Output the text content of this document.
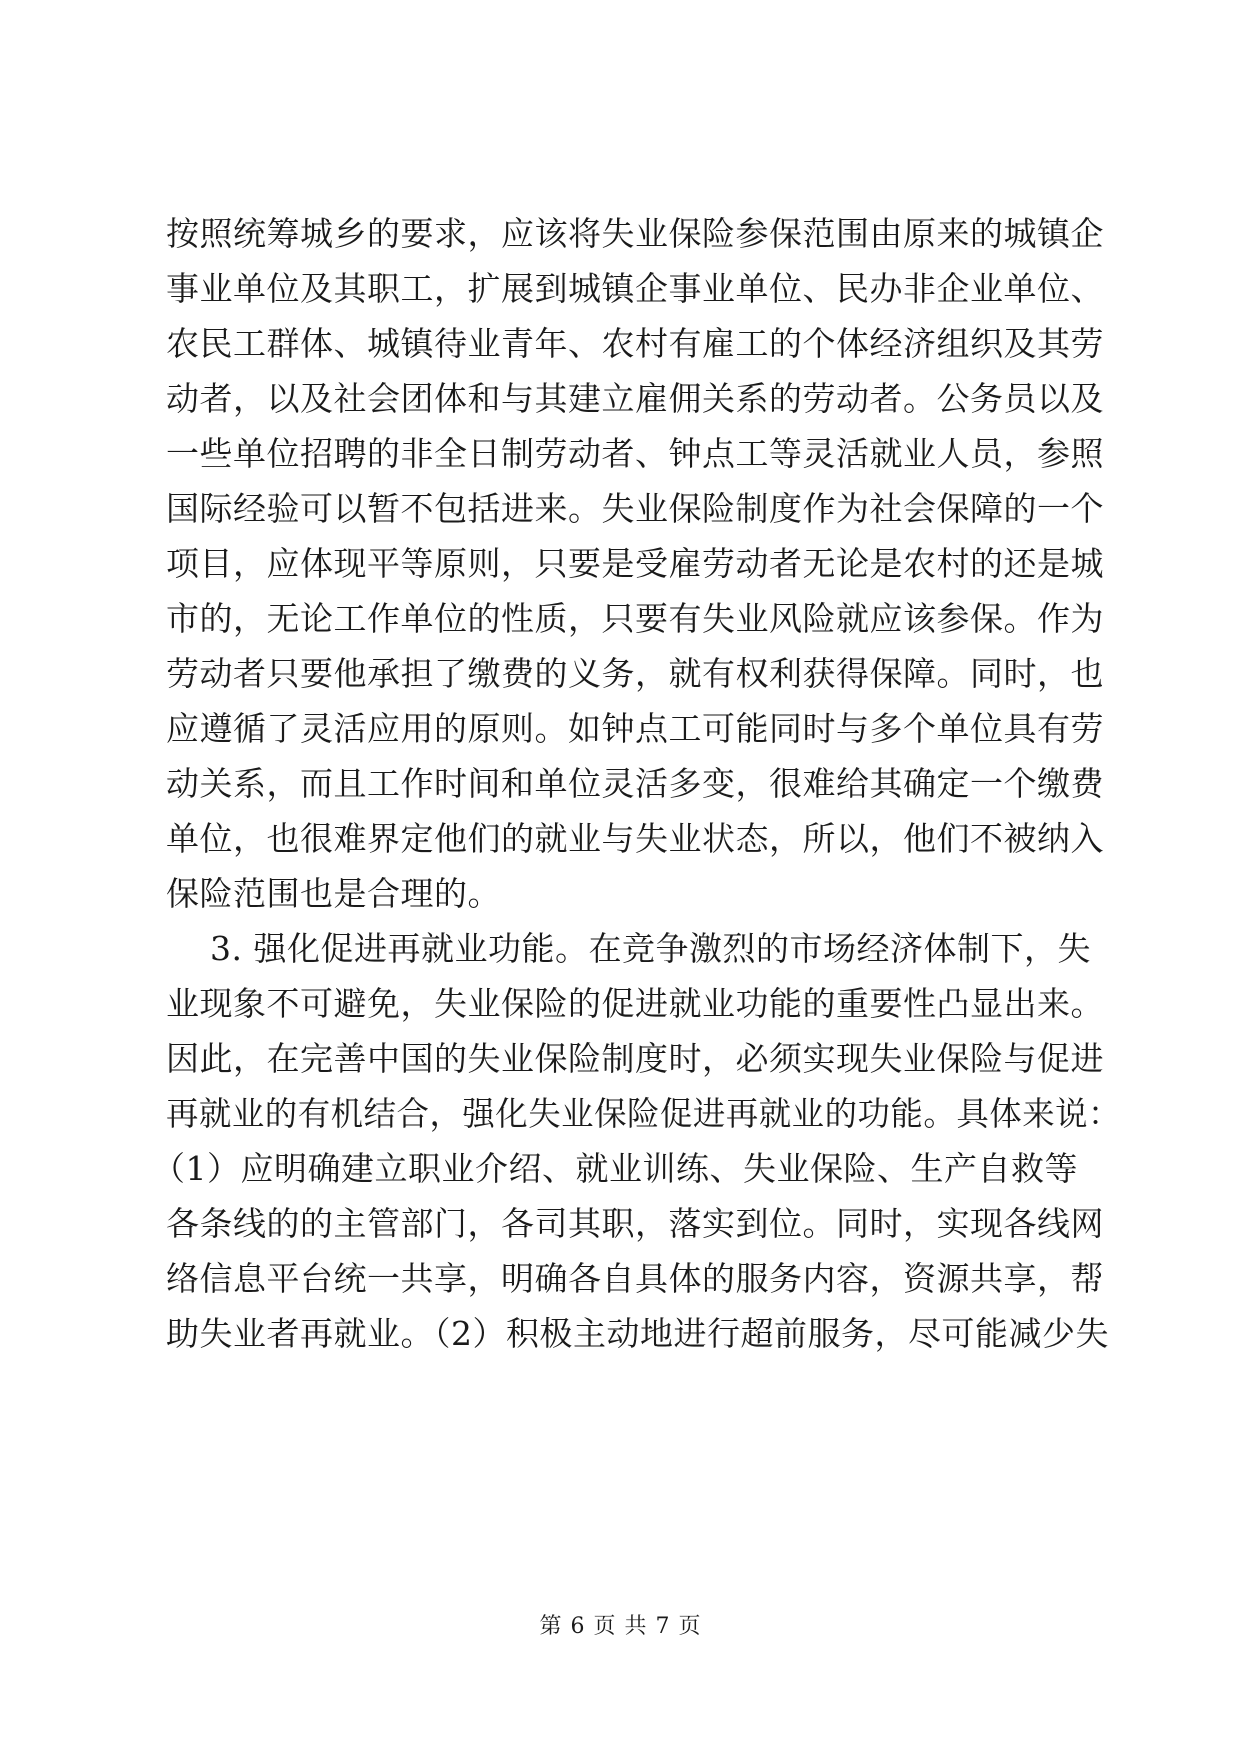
按照统筹城乡的要求，应该将失业保险参保范围由原来的城镇企
事业单位及其职工，扩展到城镇企事业单位、民办非企业单位、
农民工群体、城镇待业青年、农村有雇工的个体经济组织及其劳
动者，以及社会团体和与其建立雇佣关系的劳动者。公务员以及
一些单位招聘的非全日制劳动者、钟点工等灵活就业人员，参照
国际经验可以暂不包括进来。失业保险制度作为社会保障的一个
项目，应体现平等原则，只要是受雇劳动者无论是农村的还是城
市的，无论工作单位的性质，只要有失业风险就应该参保。作为
劳动者只要他承担了缴费的义务，就有权利获得保障。同时，也
应遵循了灵活应用的原则。如钟点工可能同时与多个单位具有劳
动关系，而且工作时间和单位灵活多变，很难给其确定一个缴费
单位，也很难界定他们的就业与失业状态，所以，他们不被纳入
保险范围也是合理的。
3. 强化促进再就业功能。在竞争激烈的市场经济体制下，失
业现象不可避免，失业保险的促进就业功能的重要性凸显出来。
因此，在完善中国的失业保险制度时，必须实现失业保险与促进
再就业的有机结合，强化失业保险促进再就业的功能。具体来说：
（1）应明确建立职业介绍、就业训练、失业保险、生产自救等
各条线的的主管部门，各司其职，落实到位。同时，实现各线网
络信息平台统一共享，明确各自具体的服务内容，资源共享，帮
助失业者再就业。（2）积极主动地进行超前服务，尽可能减少失
第 6 页 共 7 页
